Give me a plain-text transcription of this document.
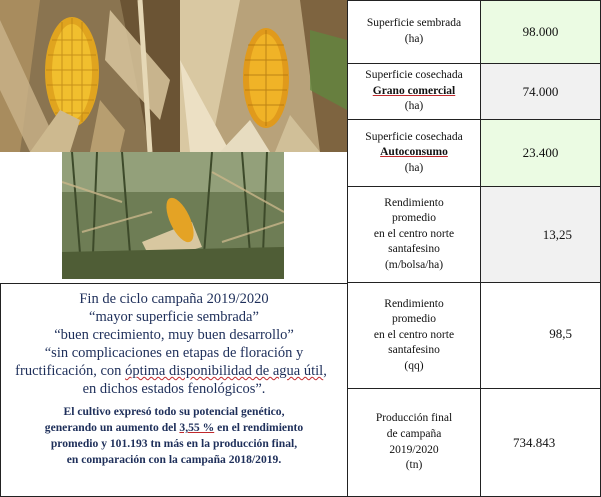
Superficie sembrada
(ha)	98.000
Superficie cosechada
Grano comercial
(ha)
74.000
Superficie cosechada
Autoconsumo
(ha)
23.400
Rendimiento
promedio
en el centro norte
santafesino
(m/bolsa/ha)
13,25
Rendimiento
promedio
en el centro norte
santafesino
(qq)
98,5
Producción final
de campaña
2019/2020
(tn)
734.843
Fin de ciclo campaña 2019/2020
“mayor superficie sembrada”
“buen crecimiento, muy buen desarrollo”
“sin complicaciones en etapas de floración y
fructificación, con óptima disponibilidad de agua útil,
en dichos estados fenológicos”.
El cultivo expresó todo su potencial genético,
generando un aumento del 3,55 % en el rendimiento
promedio y 101.193 tn más en la producción final,
en comparación con la campaña 2018/2019.
